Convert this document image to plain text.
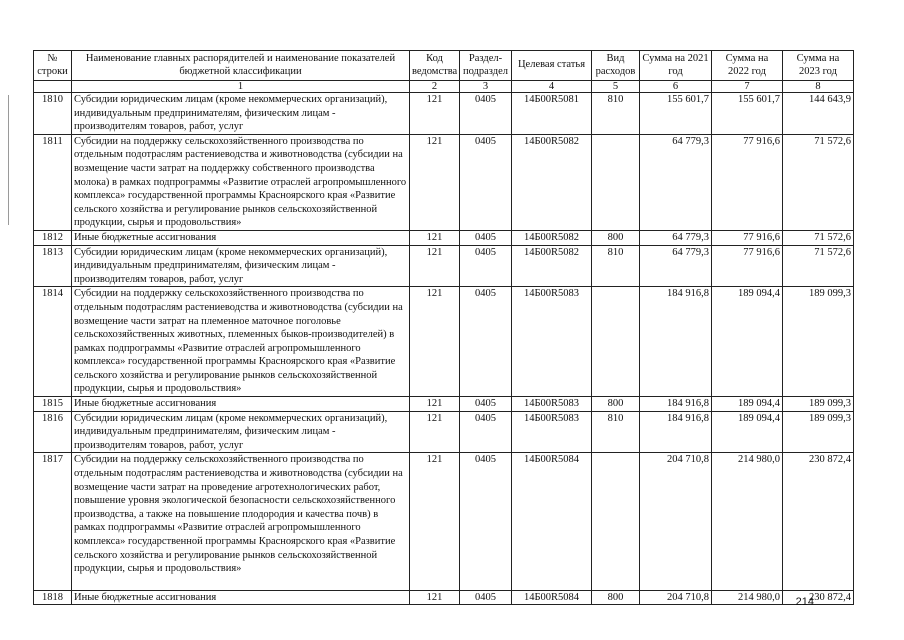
№ строки	Наименование главных распорядителей и наименование показателей бюджетной классификации	Код ведомства	Раздел-подраздел	Целевая статья	Вид расходов	Сумма на 2021 год	Сумма на 2022 год	Сумма на 2023 год
	1	2	3	4	5	6	7	8
1810	Субсидии юридическим лицам (кроме некоммерческих организаций), индивидуальным предпринимателям, физическим лицам - производителям товаров, работ, услуг	121	0405	14Б00R5081	810	155 601,7	155 601,7	144 643,9
1811	Субсидии на поддержку сельскохозяйственного производства по отдельным подотраслям растениеводства и животноводства (субсидии на возмещение части затрат на поддержку собственного производства молока) в рамках подпрограммы «Развитие отраслей агропромышленного комплекса» государственной программы Красноярского края «Развитие сельского хозяйства и регулирование рынков сельскохозяйственной продукции, сырья и продовольствия»	121	0405	14Б00R5082		64 779,3	77 916,6	71 572,6
1812	Иные бюджетные ассигнования	121	0405	14Б00R5082	800	64 779,3	77 916,6	71 572,6
1813	Субсидии юридическим лицам (кроме некоммерческих организаций), индивидуальным предпринимателям, физическим лицам - производителям товаров, работ, услуг	121	0405	14Б00R5082	810	64 779,3	77 916,6	71 572,6
1814	Субсидии на поддержку сельскохозяйственного производства по отдельным подотраслям растениеводства и животноводства (субсидии на возмещение части затрат на племенное маточное поголовье сельскохозяйственных животных, племенных быков-производителей) в рамках подпрограммы «Развитие отраслей агропромышленного комплекса» государственной программы Красноярского края «Развитие сельского хозяйства и регулирование рынков сельскохозяйственной продукции, сырья и продовольствия»	121	0405	14Б00R5083		184 916,8	189 094,4	189 099,3
1815	Иные бюджетные ассигнования	121	0405	14Б00R5083	800	184 916,8	189 094,4	189 099,3
1816	Субсидии юридическим лицам (кроме некоммерческих организаций), индивидуальным предпринимателям, физическим лицам - производителям товаров, работ, услуг	121	0405	14Б00R5083	810	184 916,8	189 094,4	189 099,3
1817	Субсидии на поддержку сельскохозяйственного производства по отдельным подотраслям растениеводства и животноводства (субсидии на возмещение части затрат на проведение агротехнологических работ, повышение уровня экологической безопасности сельскохозяйственного производства, а также на повышение плодородия и качества почв) в рамках подпрограммы «Развитие отраслей агропромышленного комплекса» государственной программы Красноярского края «Развитие сельского хозяйства и регулирование рынков сельскохозяйственной продукции, сырья и продовольствия»	121	0405	14Б00R5084		204 710,8	214 980,0	230 872,4
1818	Иные бюджетные ассигнования	121	0405	14Б00R5084	800	204 710,8	214 980,0	230 872,4
214
